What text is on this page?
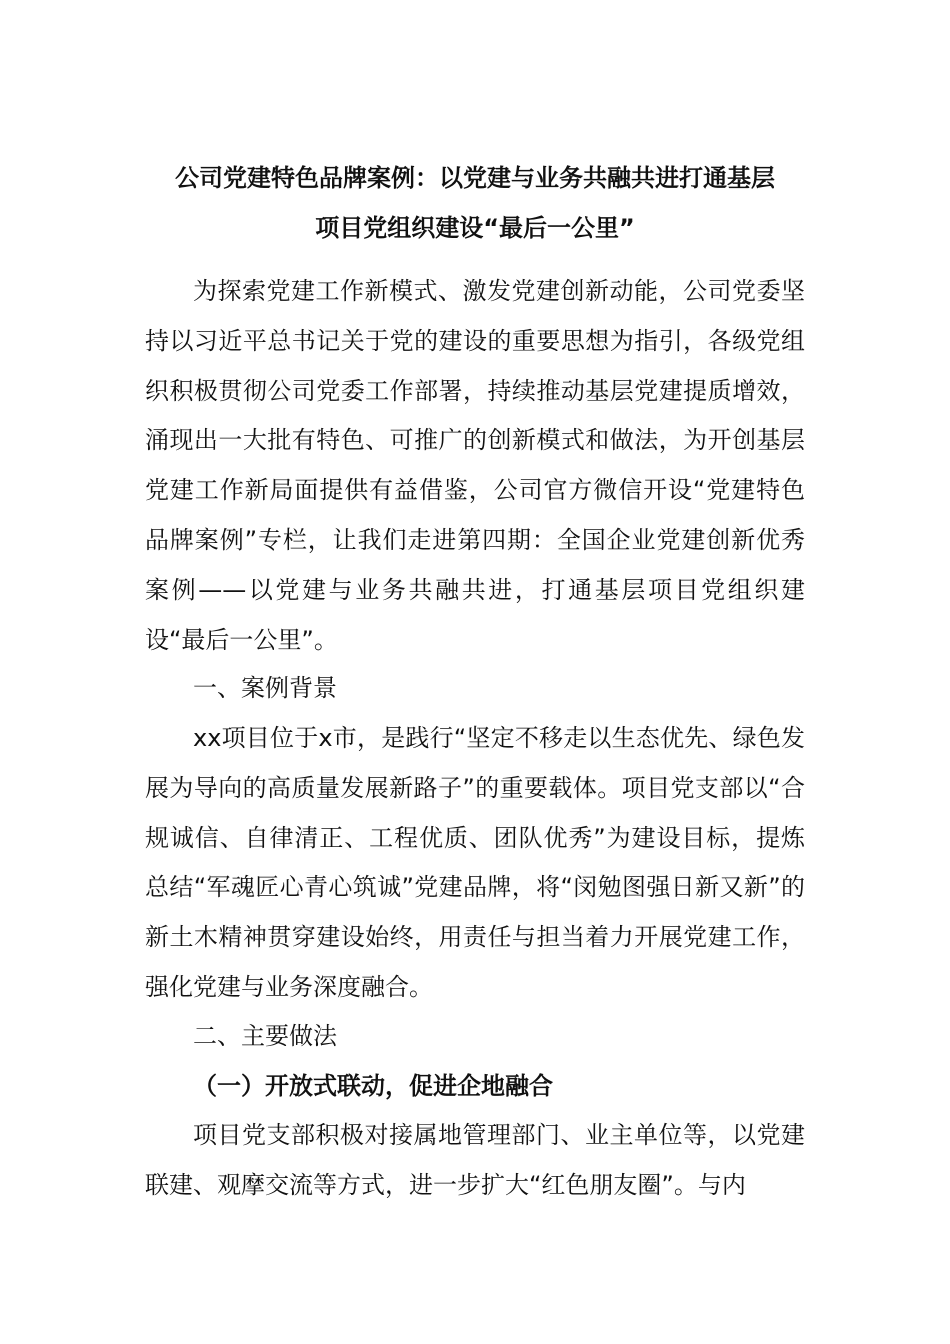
公司党建特色品牌案例：以党建与业务共融共进打通基层
项目党组织建设“最后一公里”

为探索党建工作新模式、激发党建创新动能，公司党委坚持以习近平总书记关于党的建设的重要思想为指引，各级党组织积极贯彻公司党委工作部署，持续推动基层党建提质增效，涌现出一大批有特色、可推广的创新模式和做法，为开创基层党建工作新局面提供有益借鉴，公司官方微信开设“党建特色品牌案例”专栏，让我们走进第四期：全国企业党建创新优秀案例——以党建与业务共融共进，打通基层项目党组织建设“最后一公里”。

一、案例背景

xx项目位于x市，是践行“坚定不移走以生态优先、绿色发展为导向的高质量发展新路子”的重要载体。项目党支部以“合规诚信、自律清正、工程优质、团队优秀”为建设目标，提炼总结“军魂匠心青心筑诚”党建品牌，将“闵勉图强日新又新”的新土木精神贯穿建设始终，用责任与担当着力开展党建工作，强化党建与业务深度融合。

二、主要做法

（一）开放式联动，促进企地融合

项目党支部积极对接属地管理部门、业主单位等，以党建联建、观摩交流等方式，进一步扩大“红色朋友圈”。与内
